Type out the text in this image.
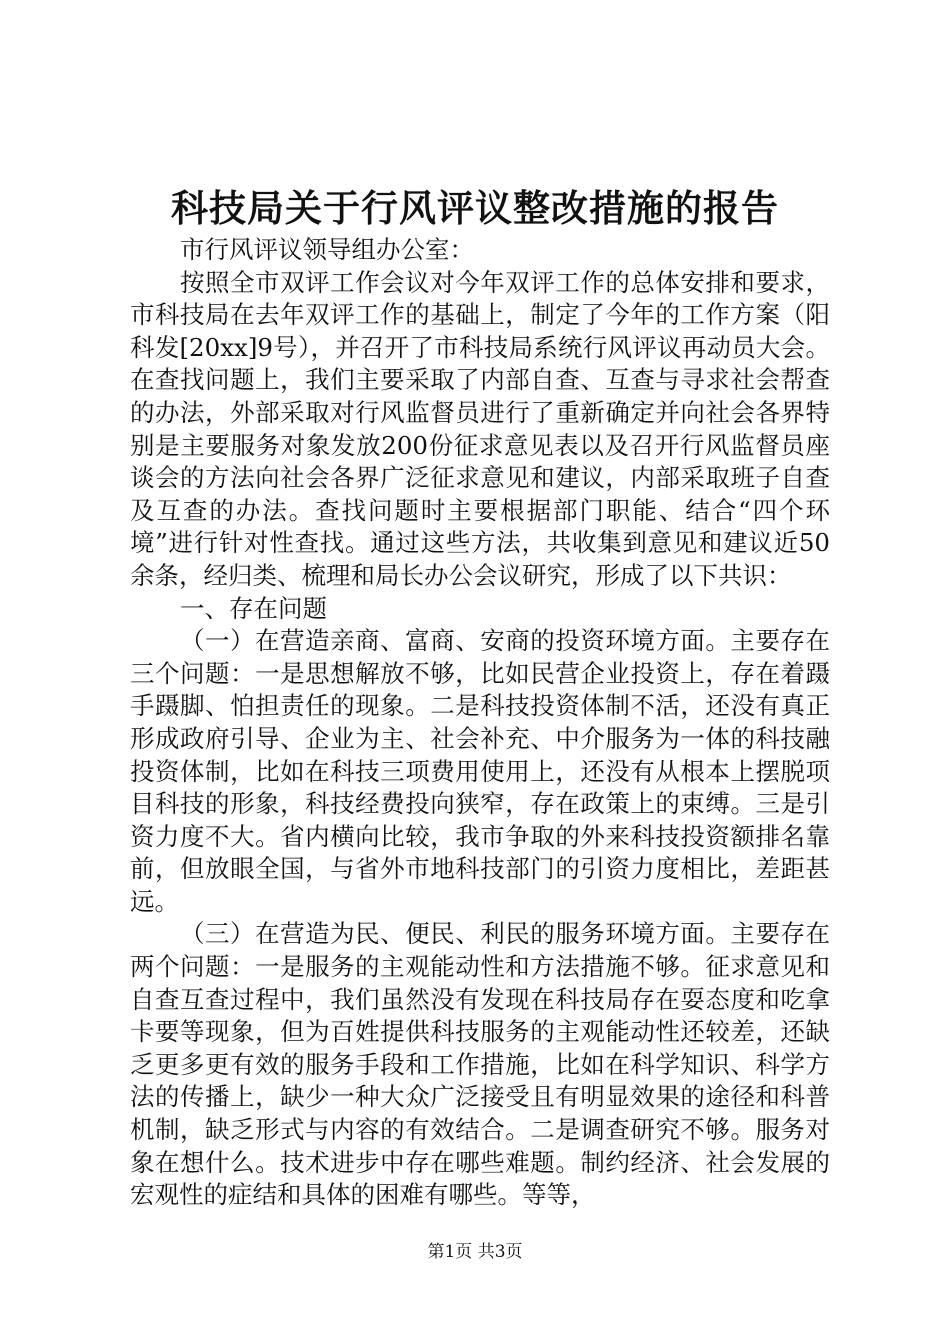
科技局关于行风评议整改措施的报告

市行风评议领导组办公室：

按照全市双评工作会议对今年双评工作的总体安排和要求，市科技局在去年双评工作的基础上，制定了今年的工作方案（阳科发[20xx]9号），并召开了市科技局系统行风评议再动员大会。在查找问题上，我们主要采取了内部自查、互查与寻求社会帮查的办法，外部采取对行风监督员进行了重新确定并向社会各界特别是主要服务对象发放200份征求意见表以及召开行风监督员座谈会的方法向社会各界广泛征求意见和建议，内部采取班子自查及互查的办法。查找问题时主要根据部门职能、结合“四个环境”进行针对性查找。通过这些方法，共收集到意见和建议近50余条，经归类、梳理和局长办公会议研究，形成了以下共识：

一、存在问题

（一）在营造亲商、富商、安商的投资环境方面。主要存在三个问题：一是思想解放不够，比如民营企业投资上，存在着蹑手蹑脚、怕担责任的现象。二是科技投资体制不活，还没有真正形成政府引导、企业为主、社会补充、中介服务为一体的科技融投资体制，比如在科技三项费用使用上，还没有从根本上摆脱项目科技的形象，科技经费投向狭窄，存在政策上的束缚。三是引资力度不大。省内横向比较，我市争取的外来科技投资额排名靠前，但放眼全国，与省外市地科技部门的引资力度相比，差距甚远。

（三）在营造为民、便民、利民的服务环境方面。主要存在两个问题：一是服务的主观能动性和方法措施不够。征求意见和自查互查过程中，我们虽然没有发现在科技局存在耍态度和吃拿卡要等现象，但为百姓提供科技服务的主观能动性还较差，还缺乏更多更有效的服务手段和工作措施，比如在科学知识、科学方法的传播上，缺少一种大众广泛接受且有明显效果的途径和科普机制，缺乏形式与内容的有效结合。二是调查研究不够。服务对象在想什么。技术进步中存在哪些难题。制约经济、社会发展的宏观性的症结和具体的困难有哪些。等等，

第1页 共3页
